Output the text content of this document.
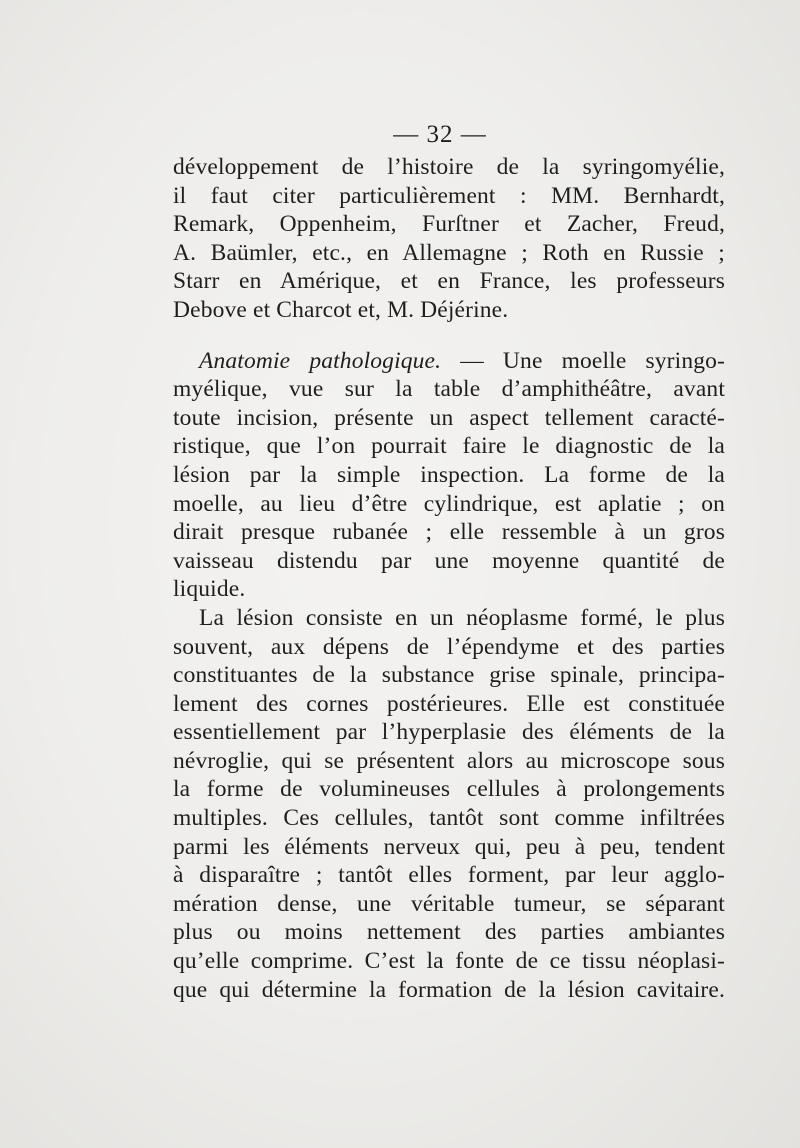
— 32 —
développement de l’histoire de la syringomyélie,
il faut citer particulièrement : MM. Bernhardt,
Remark, Oppenheim, Furſtner et Zacher, Freud,
A. Baümler, etc., en Allemagne ; Roth en Russie ;
Starr en Amérique, et en France, les professeurs
Debove et Charcot et, M. Déjérine.
Anatomie pathologique. — Une moelle syringo-
myélique, vue sur la table d’amphithéâtre, avant
toute incision, présente un aspect tellement caracté-
ristique, que l’on pourrait faire le diagnostic de la
lésion par la simple inspection. La forme de la
moelle, au lieu d’être cylindrique, est aplatie ; on
dirait presque rubanée ; elle ressemble à un gros
vaisseau distendu par une moyenne quantité de
liquide.
La lésion consiste en un néoplasme formé, le plus
souvent, aux dépens de l’épendyme et des parties
constituantes de la substance grise spinale, principa-
lement des cornes postérieures. Elle est constituée
essentiellement par l’hyperplasie des éléments de la
névroglie, qui se présentent alors au microscope sous
la forme de volumineuses cellules à prolongements
multiples. Ces cellules, tantôt sont comme infiltrées
parmi les éléments nerveux qui, peu à peu, tendent
à disparaître ; tantôt elles forment, par leur agglo-
mération dense, une véritable tumeur, se séparant
plus ou moins nettement des parties ambiantes
qu’elle comprime. C’est la fonte de ce tissu néoplasi-
que qui détermine la formation de la lésion cavitaire.
